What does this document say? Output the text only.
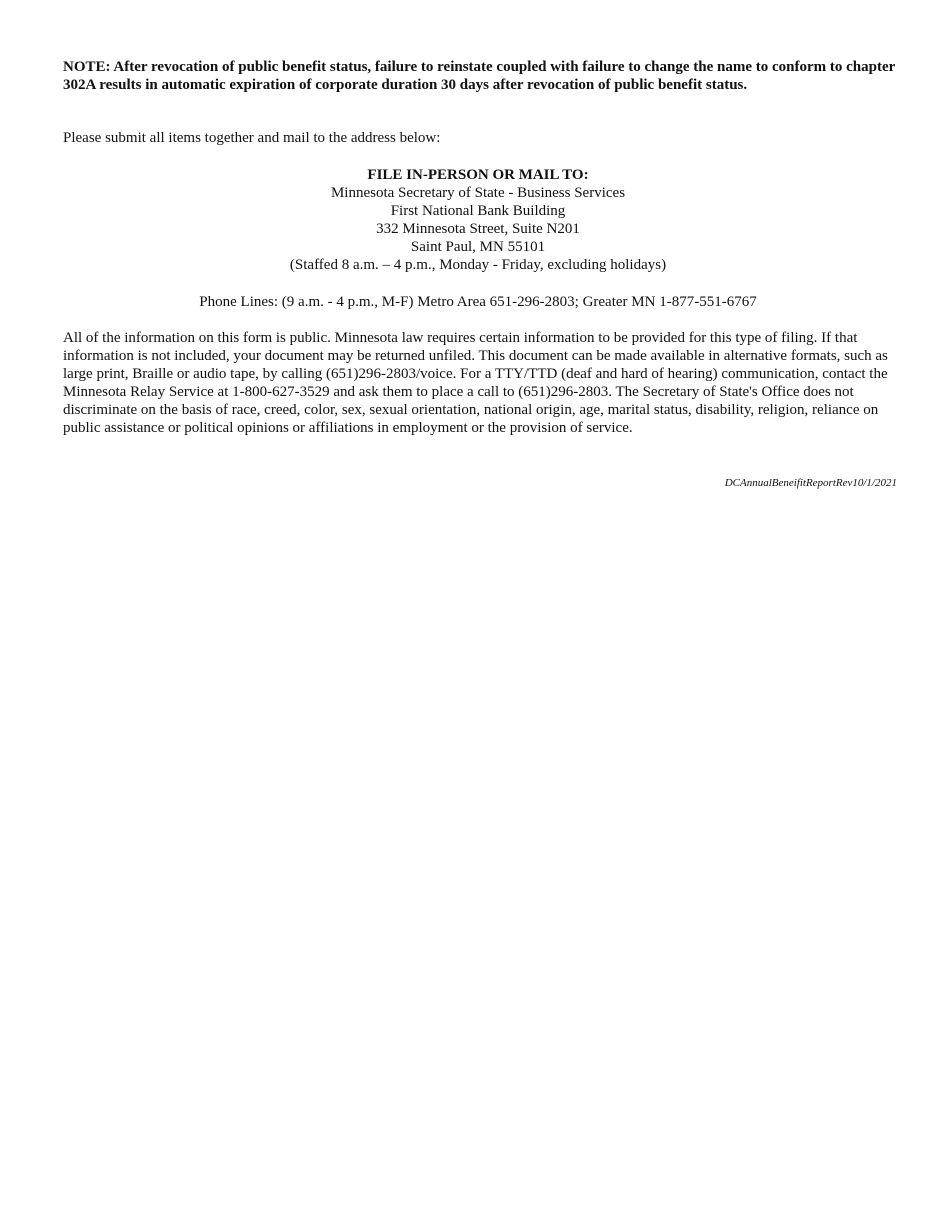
NOTE: After revocation of public benefit status, failure to reinstate coupled with failure to change the name to conform to chapter 302A results in automatic expiration of corporate duration 30 days after revocation of public benefit status.
Please submit all items together and mail to the address below:
FILE IN-PERSON OR MAIL TO:
Minnesota Secretary of State - Business Services
First National Bank Building
332 Minnesota Street, Suite N201
Saint Paul, MN 55101
(Staffed 8 a.m. – 4 p.m., Monday - Friday, excluding holidays)
Phone Lines: (9 a.m. - 4 p.m., M-F) Metro Area 651-296-2803; Greater MN 1-877-551-6767
All of the information on this form is public. Minnesota law requires certain information to be provided for this type of filing. If that information is not included, your document may be returned unfiled. This document can be made available in alternative formats, such as large print, Braille or audio tape, by calling (651)296-2803/voice. For a TTY/TTD (deaf and hard of hearing) communication, contact the Minnesota Relay Service at 1-800-627-3529 and ask them to place a call to (651)296-2803. The Secretary of State's Office does not discriminate on the basis of race, creed, color, sex, sexual orientation, national origin, age, marital status, disability, religion, reliance on public assistance or political opinions or affiliations in employment or the provision of service.
DCAnnualBeneifitReportRev10/1/2021
